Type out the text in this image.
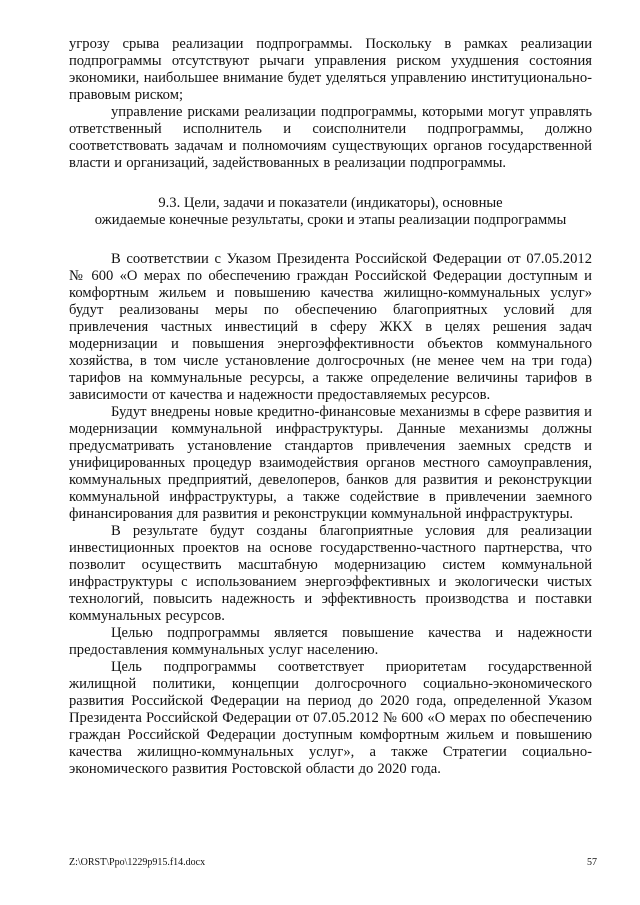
угрозу срыва реализации подпрограммы. Поскольку в рамках реализации подпрограммы отсутствуют рычаги управления риском ухудшения состояния экономики, наибольшее внимание будет уделяться управлению институционально-правовым риском;

управление рисками реализации подпрограммы, которыми могут управлять ответственный исполнитель и соисполнители подпрограммы, должно соответствовать задачам и полномочиям существующих органов государственной власти и организаций, задействованных в реализации подпрограммы.

9.3. Цели, задачи и показатели (индикаторы), основные
ожидаемые конечные результаты, сроки и этапы реализации подпрограммы

В соответствии с Указом Президента Российской Федерации от 07.05.2012 № 600 «О мерах по обеспечению граждан Российской Федерации доступным и комфортным жильем и повышению качества жилищно-коммунальных услуг» будут реализованы меры по обеспечению благоприятных условий для привлечения частных инвестиций в сферу ЖКХ в целях решения задач модернизации и повышения энергоэффективности объектов коммунального хозяйства, в том числе установление долгосрочных (не менее чем на три года) тарифов на коммунальные ресурсы, а также определение величины тарифов в зависимости от качества и надежности предоставляемых ресурсов.

Будут внедрены новые кредитно-финансовые механизмы в сфере развития и модернизации коммунальной инфраструктуры. Данные механизмы должны предусматривать установление стандартов привлечения заемных средств и унифицированных процедур взаимодействия органов местного самоуправления, коммунальных предприятий, девелоперов, банков для развития и реконструкции коммунальной инфраструктуры, а также содействие в привлечении заемного финансирования для развития и реконструкции коммунальной инфраструктуры.

В результате будут созданы благоприятные условия для реализации инвестиционных проектов на основе государственно-частного партнерства, что позволит осуществить масштабную модернизацию систем коммунальной инфраструктуры с использованием энергоэффективных и экологически чистых технологий, повысить надежность и эффективность производства и поставки коммунальных ресурсов.

Целью подпрограммы является повышение качества и надежности предоставления коммунальных услуг населению.

Цель подпрограммы соответствует приоритетам государственной жилищной политики, концепции долгосрочного социально-экономического развития Российской Федерации на период до 2020 года, определенной Указом Президента Российской Федерации от 07.05.2012 № 600 «О мерах по обеспечению граждан Российской Федерации доступным комфортным жильем и повышению качества жилищно-коммунальных услуг», а также Стратегии социально-экономического развития Ростовской области до 2020 года.

Z:\ORST\Ppo\1229p915.f14.docx	57
